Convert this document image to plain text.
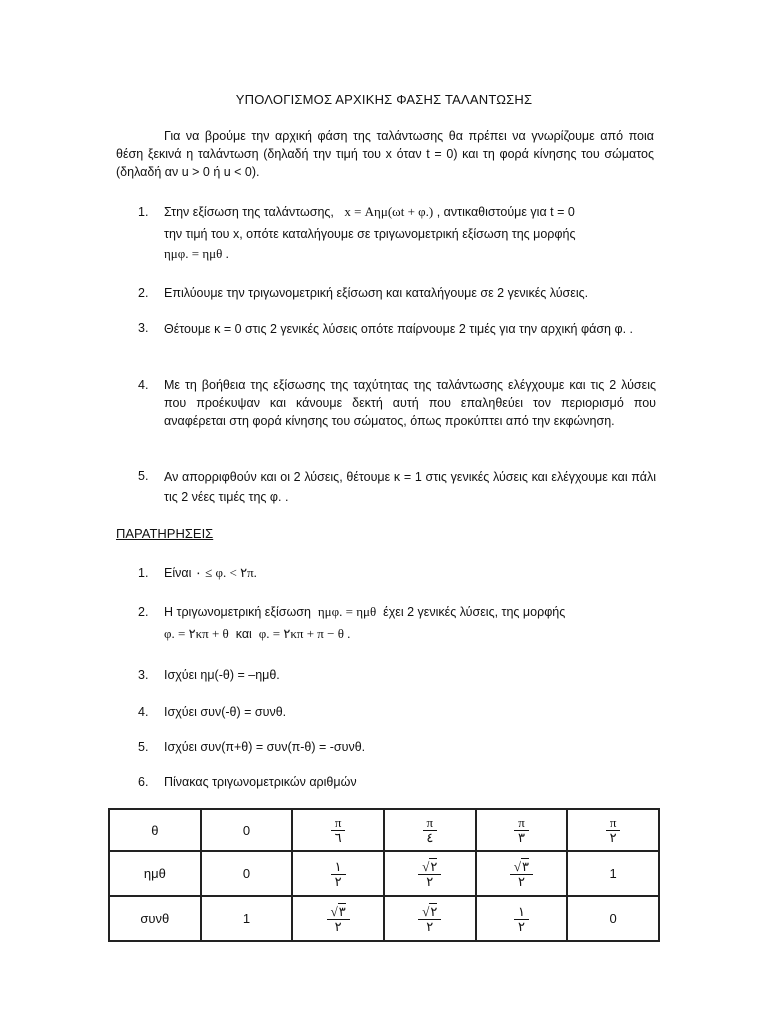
ΥΠΟΛΟΓΙΣΜΟΣ ΑΡΧΙΚΗΣ ΦΑΣΗΣ ΤΑΛΑΝΤΩΣΗΣ
Για να βρούμε την αρχική φάση της ταλάντωσης θα πρέπει να γνωρίζουμε από ποια θέση ξεκινά η ταλάντωση (δηλαδή την τιμή του x όταν t = 0) και τη φορά κίνησης του σώματος (δηλαδή αν u > 0 ή u < 0).
1.	Στην εξίσωση της ταλάντωσης, x = Αημ(ωt + φ.) , αντικαθιστούμε για t = 0
την τιμή του x, οπότε καταλήγουμε σε τριγωνομετρική εξίσωση της μορφής
ημφ. = ημθ .
2.	Επιλύουμε την τριγωνομετρική εξίσωση και καταλήγουμε σε 2 γενικές λύσεις.
3.	Θέτουμε κ = 0 στις 2 γενικές λύσεις οπότε παίρνουμε 2 τιμές για την αρχική φάση φ. .
4.	Με τη βοήθεια της εξίσωσης της ταχύτητας της ταλάντωσης ελέγχουμε και τις 2 λύσεις που προέκυψαν και κάνουμε δεκτή αυτή που επαληθεύει τον περιορισμό που αναφέρεται στη φορά κίνησης του σώματος, όπως προκύπτει από την εκφώνηση.
5.	Αν απορριφθούν και οι 2 λύσεις, θέτουμε κ = 1 στις γενικές λύσεις και ελέγχουμε και πάλι τις 2 νέες τιμές της φ. .
ΠΑΡΑΤΗΡΗΣΕΙΣ
1.	Είναι ٠ ≤ φ. < ٢π.
2.	Η τριγωνομετρική εξίσωση ημφ. = ημθ έχει 2 γενικές λύσεις, της μορφής
φ. = ٢κπ + θ και φ. = ٢κπ + π − θ .
3.	Ισχύει ημ(-θ) = –ημθ.
4.	Ισχύει συν(-θ) = συνθ.
5.	Ισχύει συν(π+θ) = συν(π-θ) = -συνθ.
6.	Πίνακας τριγωνομετρικών αριθμών
θ	0	$\frac{\pi}{٦}$	$\frac{\pi}{٤}$	$\frac{\pi}{٣}$	$\frac{\pi}{٢}$

ημθ	0	$\frac{١}{٢}$	$\frac{√٢}{٢}$	$\frac{√٣}{٢}$	1
συνθ	1	$\frac{√٣}{٢}$	$\frac{√٢}{٢}$	$\frac{١}{٢}$	0
